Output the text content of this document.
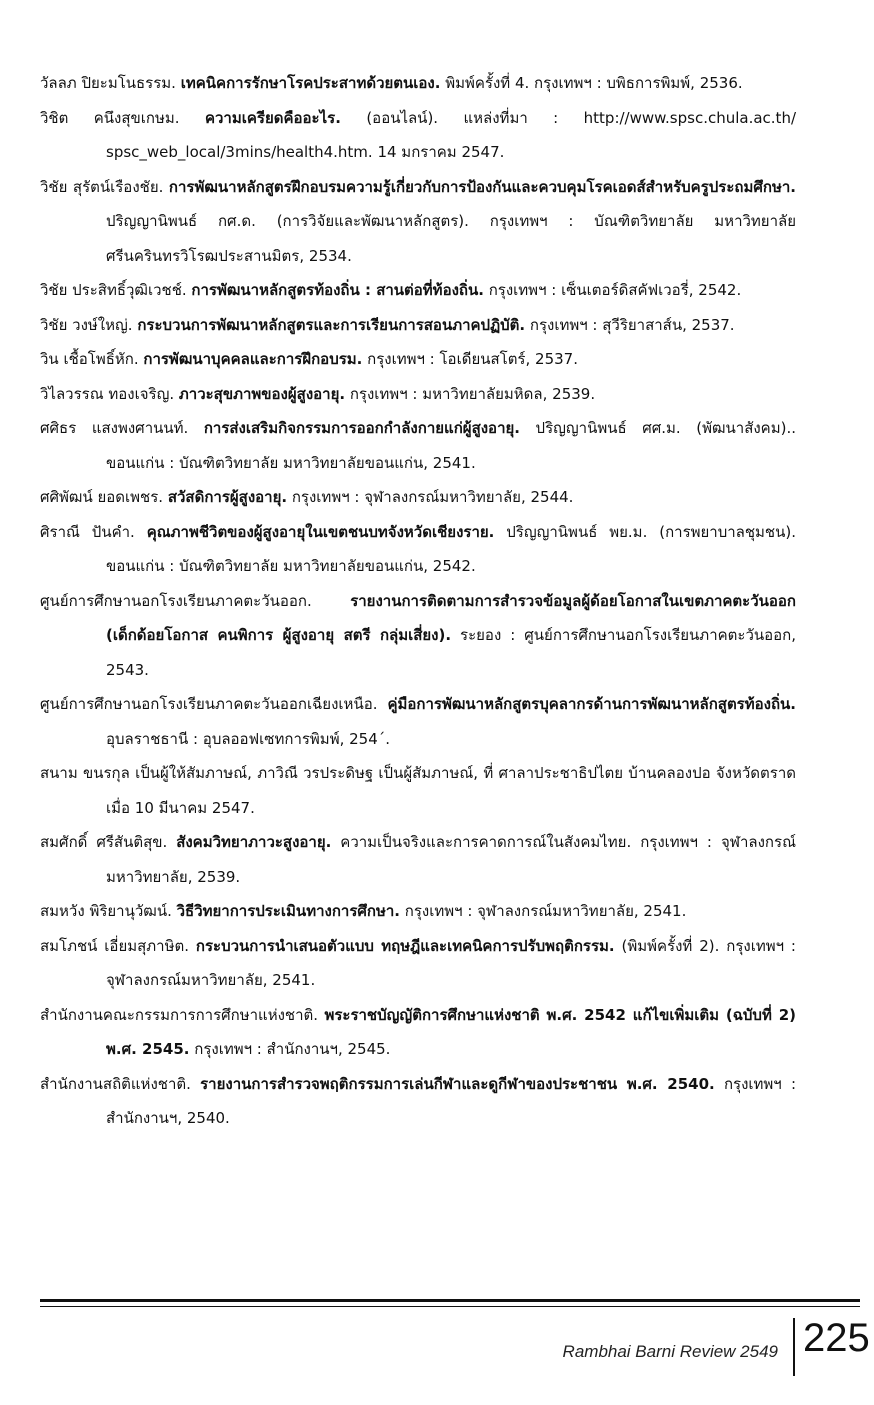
วัลลภ ปิยะมโนธรรม. เทคนิคการรักษาโรคประสาทด้วยตนเอง. พิมพ์ครั้งที่ 4. กรุงเทพฯ : บพิธการพิมพ์, 2536.
วิชิต คนึงสุขเกษม. ความเครียดคืออะไร. (ออนไลน์). แหล่งที่มา : http://www.spsc.chula.ac.th/ spsc_web_local/3mins/health4.htm. 14 มกราคม 2547.
วิชัย สุรัตน์เรืองชัย. การพัฒนาหลักสูตรฝึกอบรมความรู้เกี่ยวกับการป้องกันและควบคุมโรคเอดส์สำหรับครูประถมศึกษา. ปริญญานิพนธ์ กศ.ด. (การวิจัยและพัฒนาหลักสูตร). กรุงเทพฯ : บัณฑิตวิทยาลัย มหาวิทยาลัยศรีนครินทรวิโรฒประสานมิตร, 2534.
วิชัย ประสิทธิ์วุฒิเวชช์. การพัฒนาหลักสูตรท้องถิ่น : สานต่อที่ท้องถิ่น. กรุงเทพฯ : เซ็นเตอร์ดิสคัฟเวอรี่, 2542.
วิชัย วงษ์ใหญ่. กระบวนการพัฒนาหลักสูตรและการเรียนการสอนภาคปฏิบัติ. กรุงเทพฯ : สุวีริยาสาส์น, 2537.
วิน เชื้อโพธิ์หัก. การพัฒนาบุคคลและการฝึกอบรม. กรุงเทพฯ : โอเดียนสโตร์, 2537.
วิไลวรรณ ทองเจริญ. ภาวะสุขภาพของผู้สูงอายุ. กรุงเทพฯ : มหาวิทยาลัยมหิดล, 2539.
ศศิธร แสงพงศานนท์. การส่งเสริมกิจกรรมการออกกำลังกายแก่ผู้สูงอายุ. ปริญญานิพนธ์ ศศ.ม. (พัฒนาสังคม).. ขอนแก่น : บัณฑิตวิทยาลัย มหาวิทยาลัยขอนแก่น, 2541.
ศศิพัฒน์ ยอดเพชร. สวัสดิการผู้สูงอายุ. กรุงเทพฯ : จุฬาลงกรณ์มหาวิทยาลัย, 2544.
ศิราณี ปันคำ. คุณภาพชีวิตของผู้สูงอายุในเขตชนบทจังหวัดเชียงราย. ปริญญานิพนธ์ พย.ม. (การพยาบาลชุมชน). ขอนแก่น : บัณฑิตวิทยาลัย มหาวิทยาลัยขอนแก่น, 2542.
ศูนย์การศึกษานอกโรงเรียนภาคตะวันออก. รายงานการติดตามการสำรวจข้อมูลผู้ด้อยโอกาสในเขตภาคตะวันออก (เด็กด้อยโอกาส คนพิการ ผู้สูงอายุ สตรี กลุ่มเสี่ยง). ระยอง : ศูนย์การศึกษานอกโรงเรียนภาคตะวันออก, 2543.
ศูนย์การศึกษานอกโรงเรียนภาคตะวันออกเฉียงเหนือ. คู่มือการพัฒนาหลักสูตรบุคลากรด้านการพัฒนาหลักสูตรท้องถิ่น. อุบลราชธานี : อุบลออฟเซทการพิมพ์, 254´.
สนาม ขนรกุล เป็นผู้ให้สัมภาษณ์, ภาวิณี วรประดิษฐ เป็นผู้สัมภาษณ์, ที่ ศาลาประชาธิปไตย บ้านคลองปอ จังหวัดตราด เมื่อ 10 มีนาคม 2547.
สมศักดิ์ ศรีสันติสุข. สังคมวิทยาภาวะสูงอายุ. ความเป็นจริงและการคาดการณ์ในสังคมไทย. กรุงเทพฯ : จุฬาลงกรณ์มหาวิทยาลัย, 2539.
สมหวัง พิริยานุวัฒน์. วิธีวิทยาการประเมินทางการศึกษา. กรุงเทพฯ : จุฬาลงกรณ์มหาวิทยาลัย, 2541.
สมโภชน์ เอี่ยมสุภาษิต. กระบวนการนำเสนอตัวแบบ ทฤษฎีและเทคนิคการปรับพฤติกรรม. (พิมพ์ครั้งที่ 2). กรุงเทพฯ : จุฬาลงกรณ์มหาวิทยาลัย, 2541.
สำนักงานคณะกรรมการการศึกษาแห่งชาติ. พระราชบัญญัติการศึกษาแห่งชาติ พ.ศ. 2542 แก้ไขเพิ่มเติม (ฉบับที่ 2) พ.ศ. 2545. กรุงเทพฯ : สำนักงานฯ, 2545.
สำนักงานสถิติแห่งชาติ. รายงานการสำรวจพฤติกรรมการเล่นกีฬาและดูกีฬาของประชาชน พ.ศ. 2540. กรุงเทพฯ : สำนักงานฯ, 2540.
Rambhai Barni Review 2549 225
